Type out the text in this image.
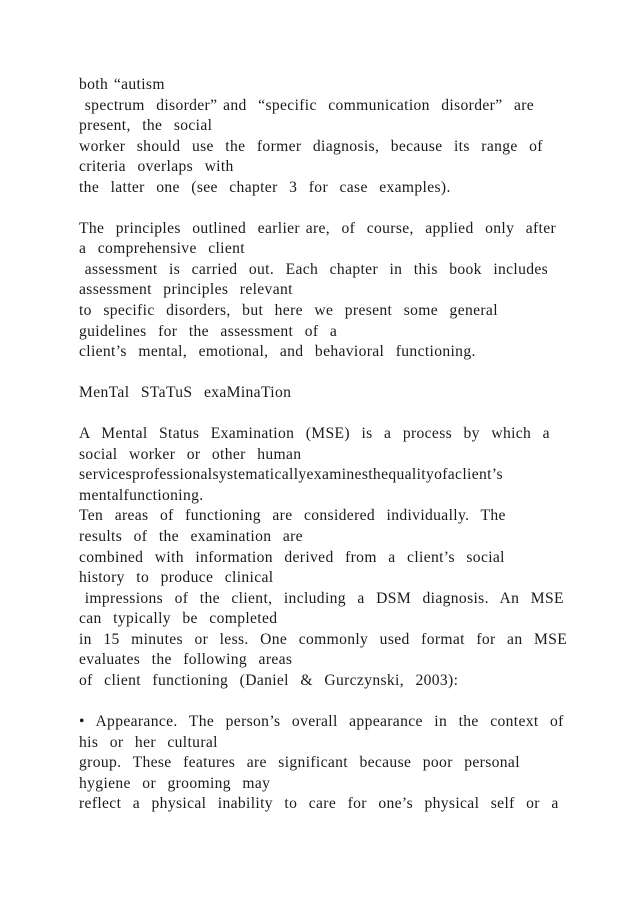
both “autism
spectrum  disorder” and  “specific  communication  disorder”  are
present,  the  social
worker  should  use  the  former  diagnosis,  because  its  range  of
criteria  overlaps  with
the  latter  one  (see  chapter  3  for  case  examples).
The  principles  outlined  earlier are,  of  course,  applied  only  after
a  comprehensive  client
assessment  is  carried  out.  Each  chapter  in  this  book  includes
assessment  principles  relevant
to  specific  disorders,  but  here  we  present  some  general
guidelines  for  the  assessment  of  a
client’s  mental,  emotional,  and  behavioral  functioning.
MenTal  STaTuS  exaMinaTion
A  Mental  Status  Examination  (MSE)  is  a  process  by  which  a
social  worker  or  other  human
servicesprofessionalsystematicallyexaminesthequalityofaclient’s
mentalfunctioning.
Ten  areas  of  functioning  are  considered  individually.  The
results  of  the  examination  are
combined  with  information  derived  from  a  client’s  social
history  to  produce  clinical
impressions  of  the  client,  including  a  DSM  diagnosis.  An  MSE
can  typically  be  completed
in  15  minutes  or  less.  One  commonly  used  format  for  an  MSE
evaluates  the  following  areas
of  client  functioning  (Daniel  &  Gurczynski,  2003):
•  Appearance.  The  person’s  overall  appearance  in  the  context  of
his  or  her  cultural
group.  These  features  are  significant  because  poor  personal
hygiene  or  grooming  may
reflect  a  physical  inability  to  care  for  one’s  physical  self  or  a
